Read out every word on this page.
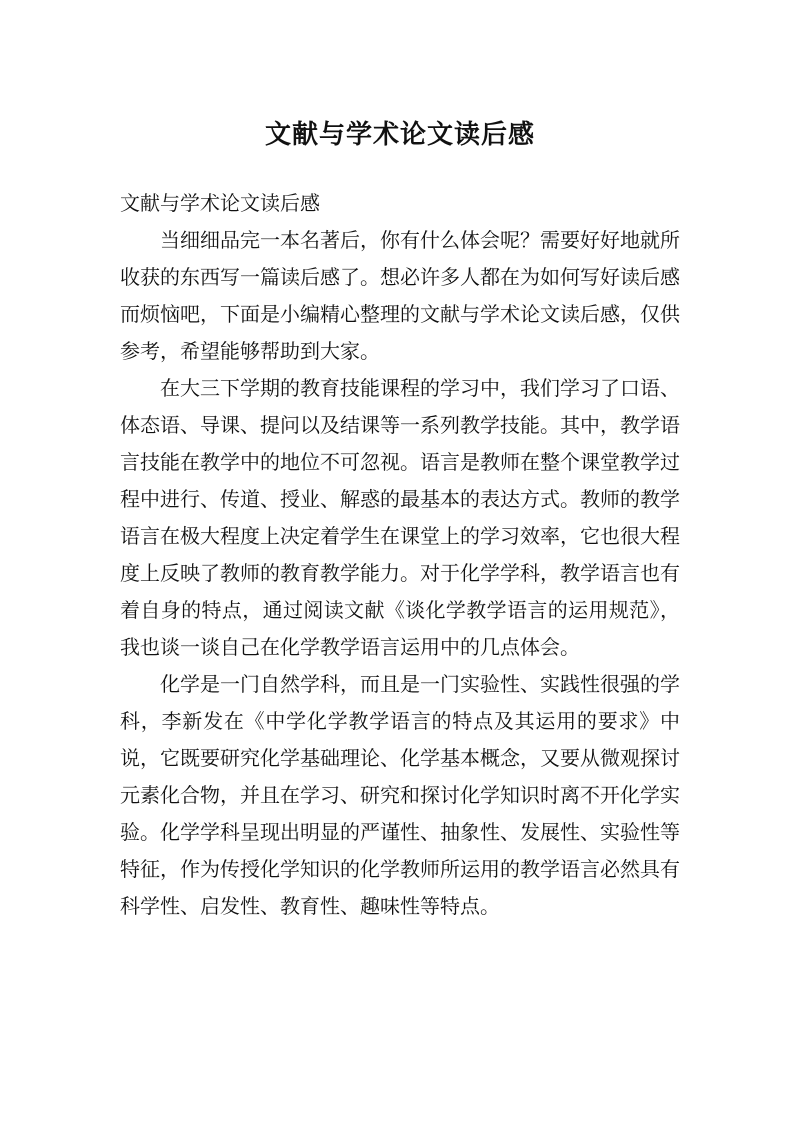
文献与学术论文读后感

文献与学术论文读后感

当细细品完一本名著后，你有什么体会呢？需要好好地就所收获的东西写一篇读后感了。想必许多人都在为如何写好读后感而烦恼吧，下面是小编精心整理的文献与学术论文读后感，仅供参考，希望能够帮助到大家。

在大三下学期的教育技能课程的学习中，我们学习了口语、体态语、导课、提问以及结课等一系列教学技能。其中，教学语言技能在教学中的地位不可忽视。语言是教师在整个课堂教学过程中进行、传道、授业、解惑的最基本的表达方式。教师的教学语言在极大程度上决定着学生在课堂上的学习效率，它也很大程度上反映了教师的教育教学能力。对于化学学科，教学语言也有着自身的特点，通过阅读文献《谈化学教学语言的运用规范》，我也谈一谈自己在化学教学语言运用中的几点体会。

化学是一门自然学科，而且是一门实验性、实践性很强的学科，李新发在《中学化学教学语言的特点及其运用的要求》中说，它既要研究化学基础理论、化学基本概念，又要从微观探讨元素化合物，并且在学习、研究和探讨化学知识时离不开化学实验。化学学科呈现出明显的严谨性、抽象性、发展性、实验性等特征，作为传授化学知识的化学教师所运用的教学语言必然具有科学性、启发性、教育性、趣味性等特点。
